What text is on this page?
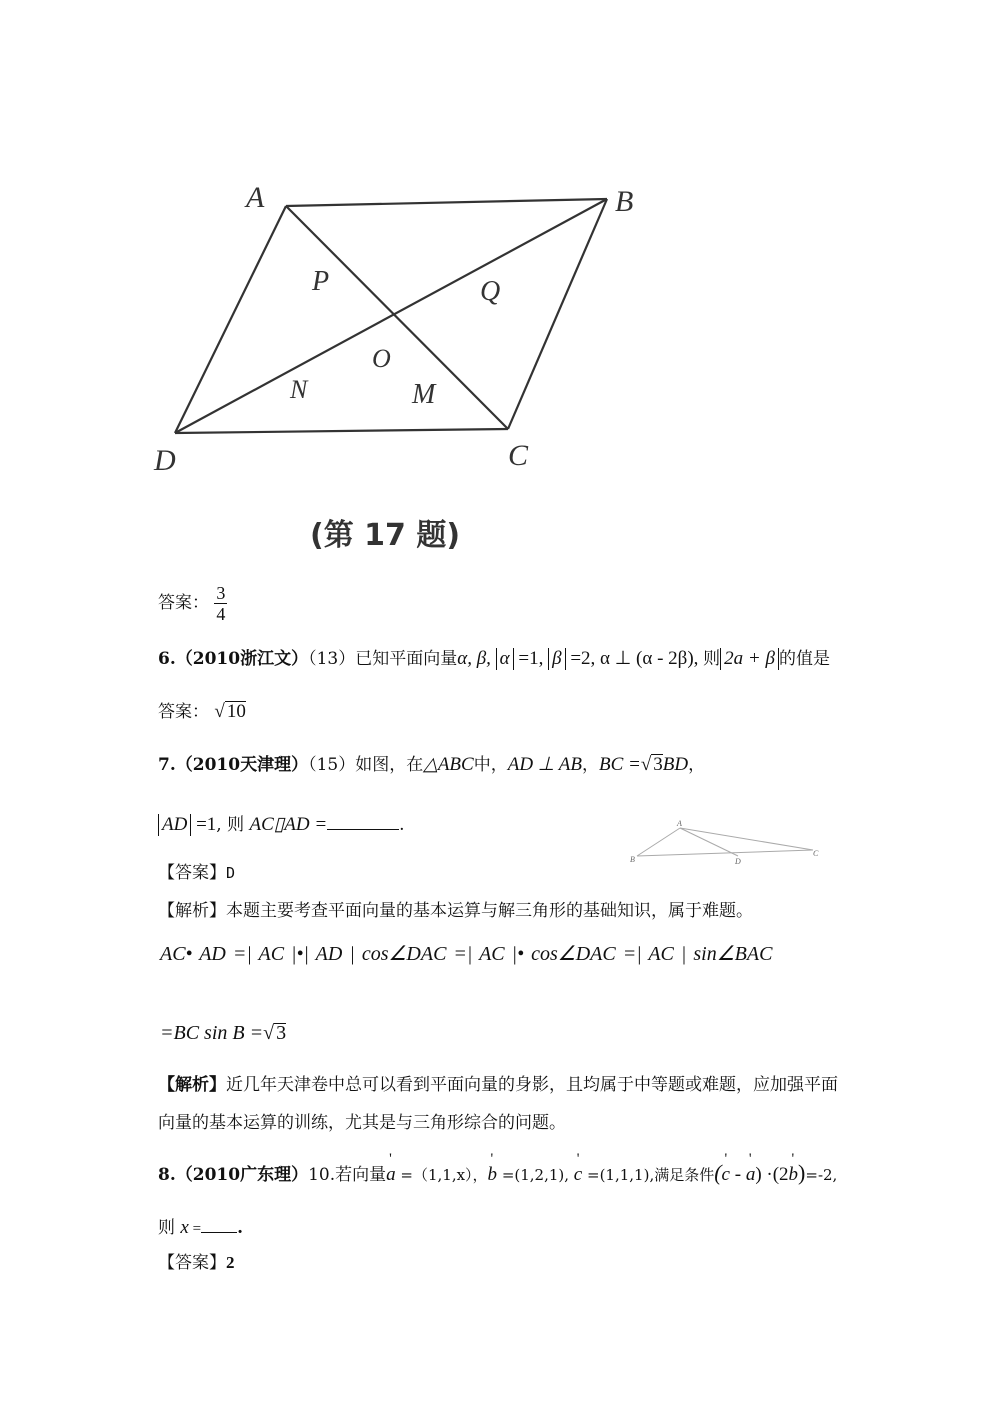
A	B
C
D
P	Q
M
N
O
(第 17 题)
答案： $\frac{3}{4}$
6.（2010浙江文）（13）已知平面向量α, β, α =1, β =2, α ⊥ (α - 2β), 则 2a + β 的值是
答案： √ 10
7.（2010天津理）（15）如图，在△ABC中，AD ⊥ AB，BC =√ 3BD，
AD =1, 则 AC▯AD =	.	A
B	D
C
【答案】D
【解析】本题主要考查平面向量的基本运算与解三角形的基础知识，属于难题。
AC• AD =| AC |•| AD | cos∠DAC =| AC |• cos∠DAC =| AC | sin∠BAC
=BC sin B =√ 3
【解析】近几年天津卷中总可以看到平面向量的身影，且均属于中等题或难题，应加强平面
向量的基本运算的训练，尤其是与三角形综合的问题。
8.（2010广东理）10.若向量' a =（1,1,x），' b =(1,2,1), ' c =(1,1,1),满足条件(' c - ' a) ·(2' b)=-2,
则 x = .
【答案】2
